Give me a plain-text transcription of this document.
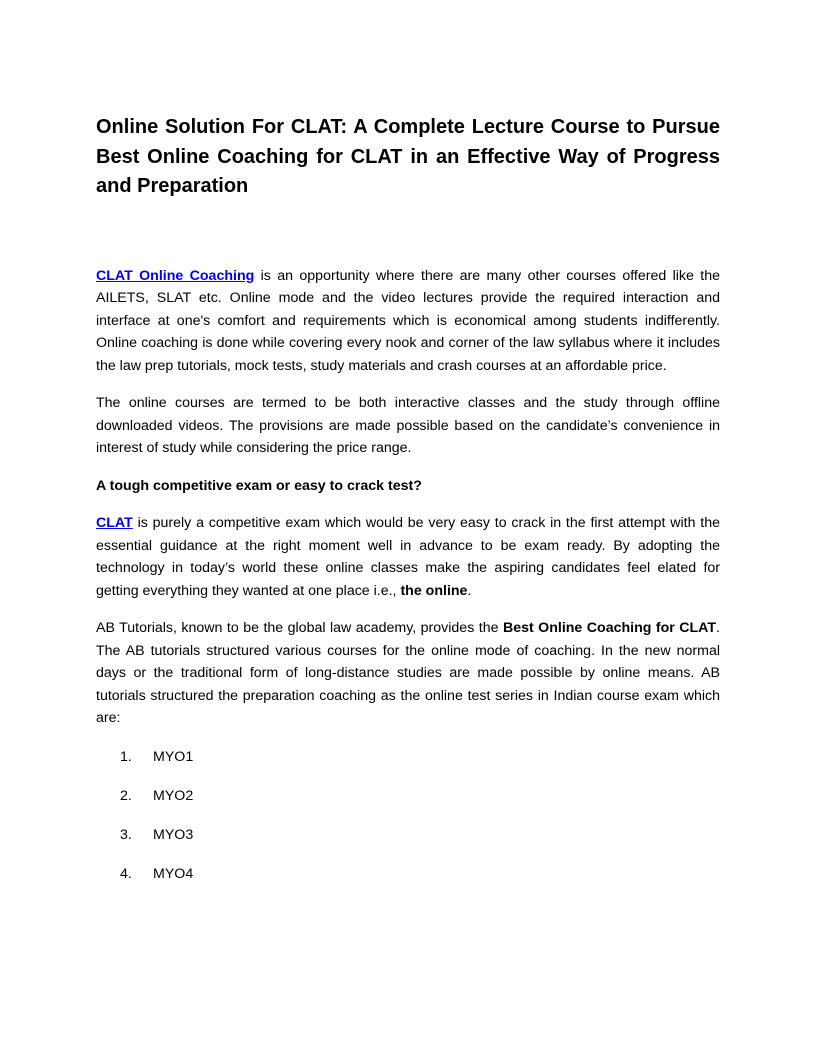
Online Solution For CLAT: A Complete Lecture Course to Pursue Best Online Coaching for CLAT in an Effective Way of Progress and Preparation

CLAT Online Coaching is an opportunity where there are many other courses offered like the AILETS, SLAT etc. Online mode and the video lectures provide the required interaction and interface at one's comfort and requirements which is economical among students indifferently. Online coaching is done while covering every nook and corner of the law syllabus where it includes the law prep tutorials, mock tests, study materials and crash courses at an affordable price.

The online courses are termed to be both interactive classes and the study through offline downloaded videos. The provisions are made possible based on the candidate’s convenience in interest of study while considering the price range.

A tough competitive exam or easy to crack test?

CLAT is purely a competitive exam which would be very easy to crack in the first attempt with the essential guidance at the right moment well in advance to be exam ready. By adopting the technology in today’s world these online classes make the aspiring candidates feel elated for getting everything they wanted at one place i.e., the online.

AB Tutorials, known to be the global law academy, provides the Best Online Coaching for CLAT. The AB tutorials structured various courses for the online mode of coaching. In the new normal days or the traditional form of long-distance studies are made possible by online means. AB tutorials structured the preparation coaching as the online test series in Indian course exam which are:

1. MYO1
2. MYO2
3. MYO3
4. MYO4
